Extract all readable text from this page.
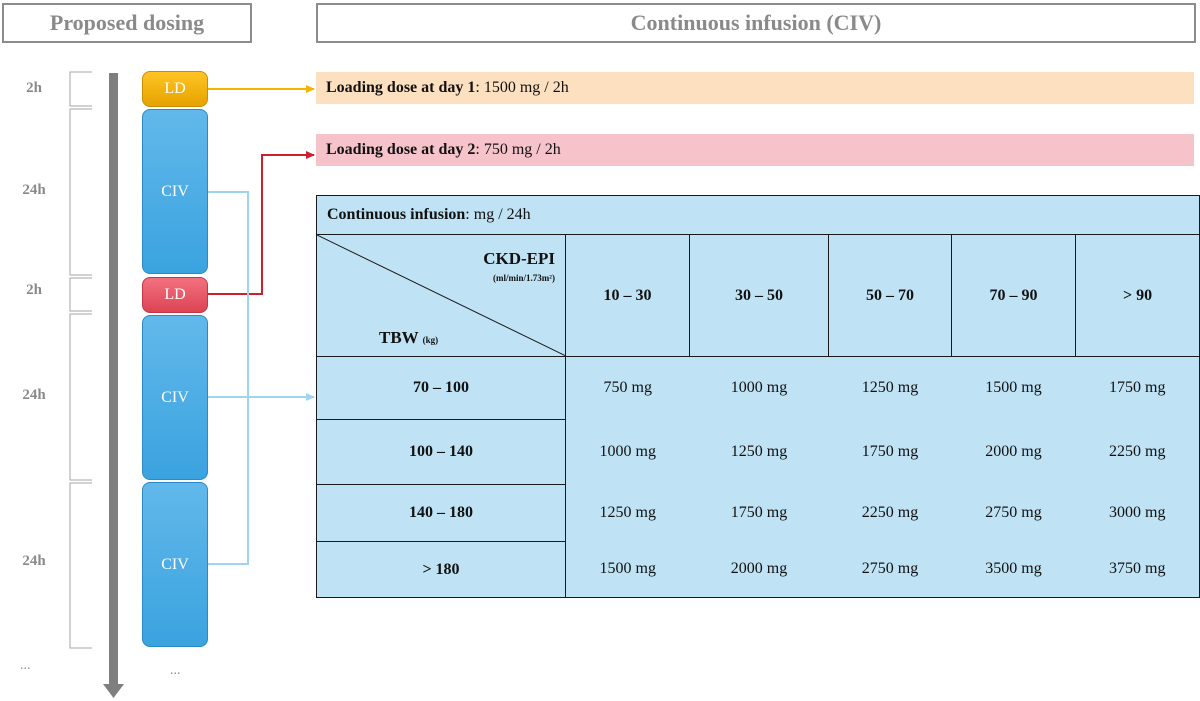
Proposed dosing	Continuous infusion (CIV)
2h
24h
2h
24h
24h
...	...
LD
CIV
LD
CIV
CIV
Loading dose at day 1 : 1500 mg / 2h
Loading dose at day 2 : 750 mg / 2h
Continuous infusion: mg / 24h					

CKD-EPI
(ml/min/1.73m²)
TBW (kg)	10 – 30	30 – 50	50 – 70	70 – 90	> 90
70 – 100	750 mg	1000 mg	1250 mg	1500 mg	1750 mg
100 – 140	1000 mg	1250 mg	1750 mg	2000 mg	2250 mg
140 – 180	1250 mg	1750 mg	2250 mg	2750 mg	3000 mg
> 180	1500 mg	2000 mg	2750 mg	3500 mg	3750 mg
